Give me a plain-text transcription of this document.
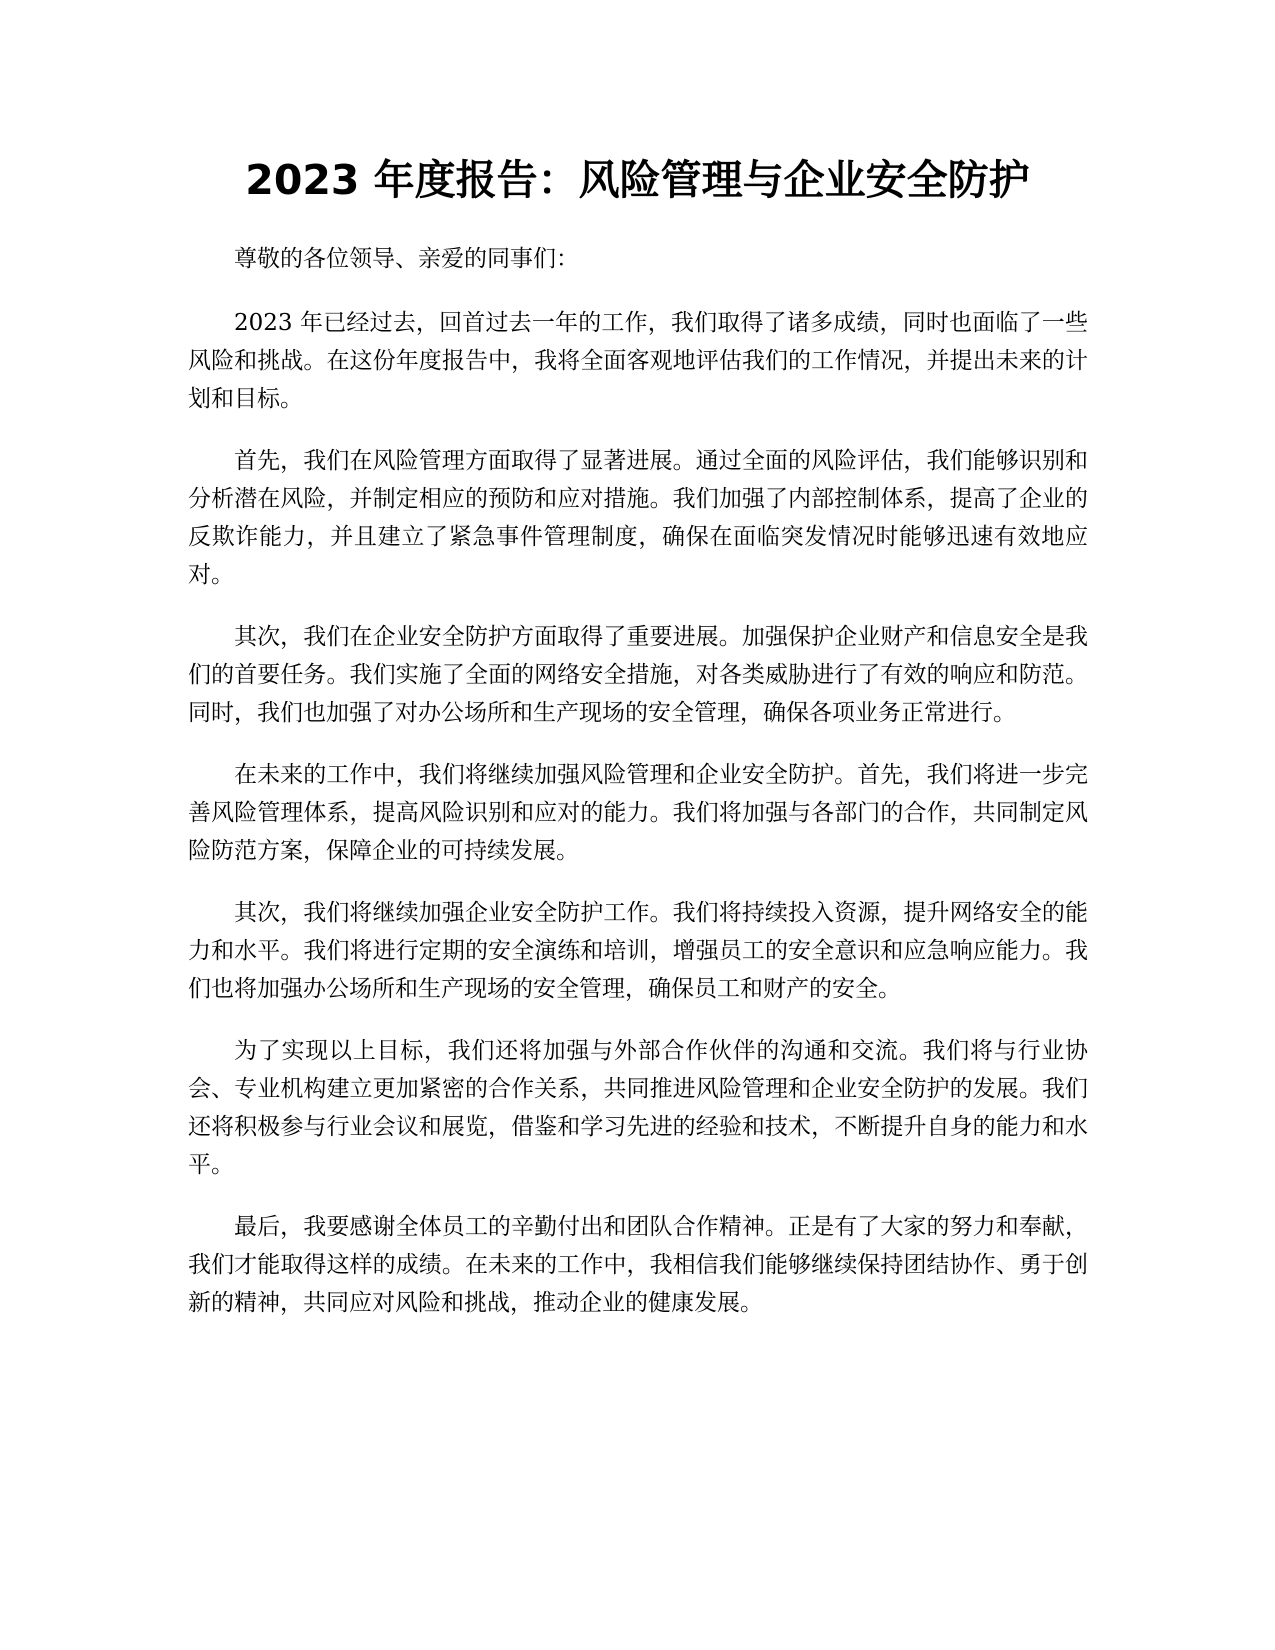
2023 年度报告：风险管理与企业安全防护

尊敬的各位领导、亲爱的同事们：

2023 年已经过去，回首过去一年的工作，我们取得了诸多成绩，同时也面临了一些风险和挑战。在这份年度报告中，我将全面客观地评估我们的工作情况，并提出未来的计划和目标。

首先，我们在风险管理方面取得了显著进展。通过全面的风险评估，我们能够识别和分析潜在风险，并制定相应的预防和应对措施。我们加强了内部控制体系，提高了企业的反欺诈能力，并且建立了紧急事件管理制度，确保在面临突发情况时能够迅速有效地应对。

其次，我们在企业安全防护方面取得了重要进展。加强保护企业财产和信息安全是我们的首要任务。我们实施了全面的网络安全措施，对各类威胁进行了有效的响应和防范。同时，我们也加强了对办公场所和生产现场的安全管理，确保各项业务正常进行。

在未来的工作中，我们将继续加强风险管理和企业安全防护。首先，我们将进一步完善风险管理体系，提高风险识别和应对的能力。我们将加强与各部门的合作，共同制定风险防范方案，保障企业的可持续发展。

其次，我们将继续加强企业安全防护工作。我们将持续投入资源，提升网络安全的能力和水平。我们将进行定期的安全演练和培训，增强员工的安全意识和应急响应能力。我们也将加强办公场所和生产现场的安全管理，确保员工和财产的安全。

为了实现以上目标，我们还将加强与外部合作伙伴的沟通和交流。我们将与行业协会、专业机构建立更加紧密的合作关系，共同推进风险管理和企业安全防护的发展。我们还将积极参与行业会议和展览，借鉴和学习先进的经验和技术，不断提升自身的能力和水平。

最后，我要感谢全体员工的辛勤付出和团队合作精神。正是有了大家的努力和奉献，我们才能取得这样的成绩。在未来的工作中，我相信我们能够继续保持团结协作、勇于创新的精神，共同应对风险和挑战，推动企业的健康发展。
